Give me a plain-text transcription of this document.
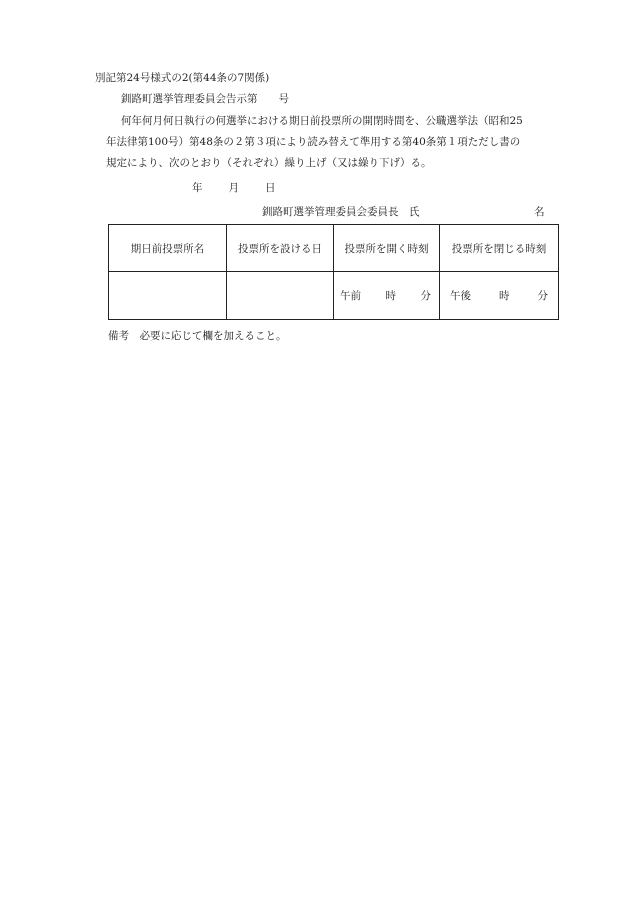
別記第24号様式の2(第44条の7関係)
釧路町選挙管理委員会告示第　　号
何年何月何日執行の何選挙における期日前投票所の開閉時間を、公職選挙法（昭和25
年法律第100号）第48条の２第３項により読み替えて準用する第40条第１項ただし書の
規定により、次のとおり（それぞれ）繰り上げ（又は繰り下げ）る。
年 月 日
釧路町選挙管理委員会委員長　氏	名
期日前投票所名	投票所を設ける日	投票所を開く時刻	投票所を閉じる時刻

		午前 時 分	午後 時 分
備考　必要に応じて欄を加えること。
